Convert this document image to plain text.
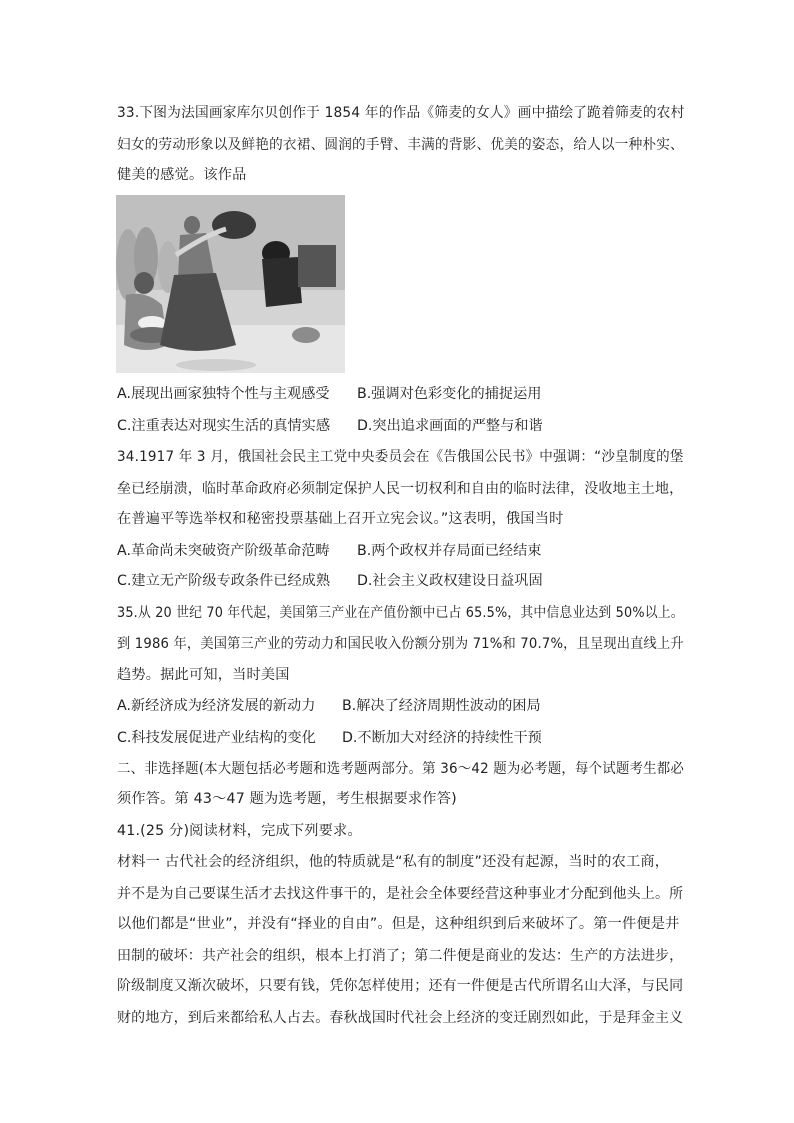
33.下图为法国画家库尔贝创作于 1854 年的作品《筛麦的女人》画中描绘了跪着筛麦的农村
妇女的劳动形象以及鲜艳的衣裙、圆润的手臂、丰满的背影、优美的姿态，给人以一种朴实、
健美的感觉。该作品
A.展现出画家独特个性与主观感受 B.强调对色彩变化的捕捉运用
C.注重表达对现实生活的真情实感 D.突出追求画面的严整与和谐
34.1917 年 3 月，俄国社会民主工党中央委员会在《告俄国公民书》中强调：“沙皇制度的堡
垒已经崩溃，临时革命政府必须制定保护人民一切权利和自由的临时法律，没收地主土地，
在普遍平等选举权和秘密投票基础上召开立宪会议。”这表明，俄国当时
A.革命尚未突破资产阶级革命范畴 B.两个政权并存局面已经结束
C.建立无产阶级专政条件已经成熟 D.社会主义政权建设日益巩固
35.从 20 世纪 70 年代起，美国第三产业在产值份额中已占 65.5%，其中信息业达到 50%以上。
到 1986 年，美国第三产业的劳动力和国民收入份额分别为 71%和 70.7%，且呈现出直线上升
趋势。据此可知，当时美国
A.新经济成为经济发展的新动力 B.解决了经济周期性波动的困局
C.科技发展促进产业结构的变化 D.不断加大对经济的持续性干预
二、非选择题(本大题包括必考题和选考题两部分。第 36～42 题为必考题，每个试题考生都必
须作答。第 43～47 题为选考题，考生根据要求作答)
41.(25 分)阅读材料，完成下列要求。
材料一 古代社会的经济组织，他的特质就是“私有的制度”还没有起源，当时的农工商，
并不是为自己要谋生活才去找这件事干的，是社会全体要经营这种事业才分配到他头上。所
以他们都是“世业”，并没有“择业的自由”。但是，这种组织到后来破坏了。第一件便是井
田制的破坏：共产社会的组织，根本上打消了；第二件便是商业的发达：生产的方法进步，
阶级制度又渐次破坏，只要有钱，凭你怎样使用；还有一件便是古代所谓名山大泽，与民同
财的地方，到后来都给私人占去。春秋战国时代社会上经济的变迁剧烈如此，于是拜金主义
